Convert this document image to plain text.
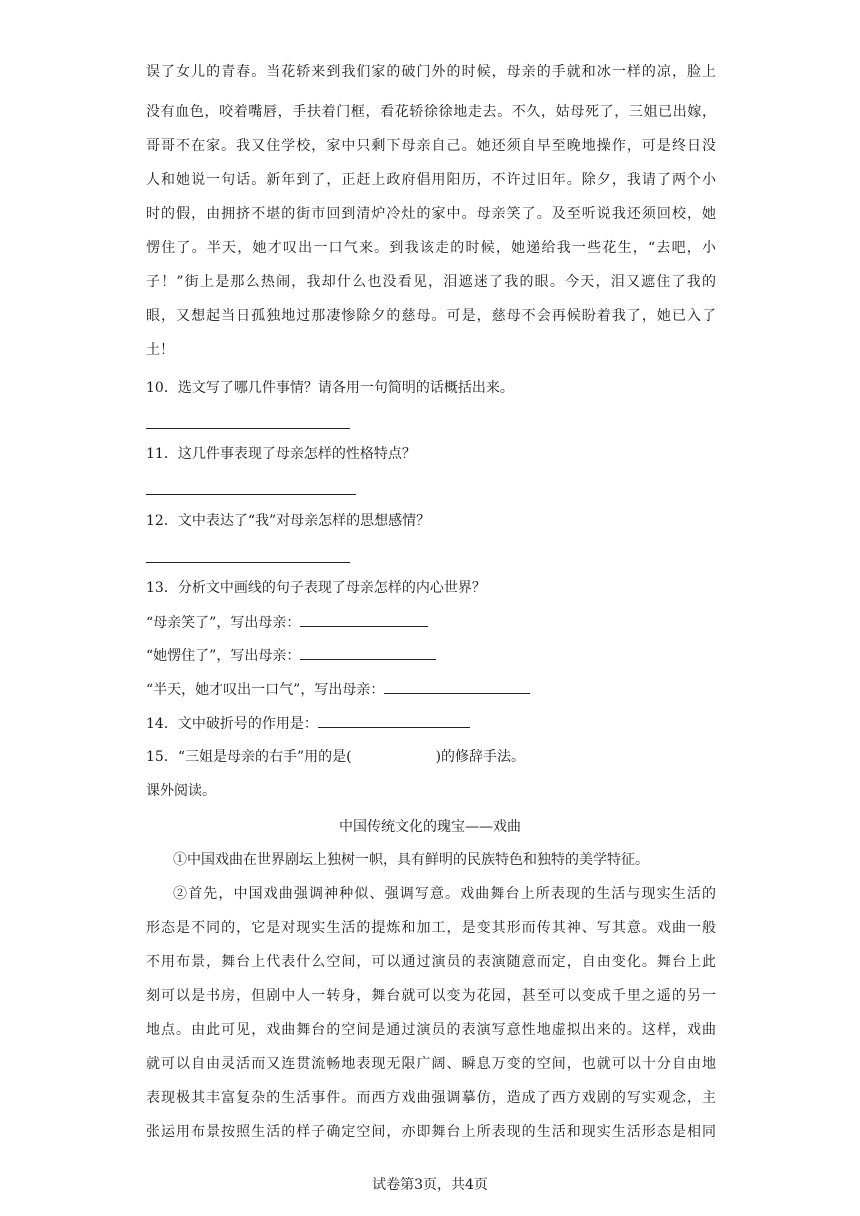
误了女儿的青春。当花轿来到我们家的破门外的时候，母亲的手就和冰一样的凉，脸上
没有血色，咬着嘴唇，手扶着门框，看花轿徐徐地走去。不久，姑母死了，三姐已出嫁，
哥哥不在家。我又住学校，家中只剩下母亲自己。她还须自早至晚地操作，可是终日没
人和她说一句话。新年到了，正赶上政府倡用阳历，不许过旧年。除夕，我请了两个小
时的假，由拥挤不堪的街市回到清炉冷灶的家中。母亲笑了。及至听说我还须回校，她
愣住了。半天，她才叹出一口气来。到我该走的时候，她递给我一些花生，“去吧，小
子！”街上是那么热闹，我却什么也没看见，泪遮迷了我的眼。今天，泪又遮住了我的
眼，又想起当日孤独地过那凄惨除夕的慈母。可是，慈母不会再候盼着我了，她已入了
土！
10．选文写了哪几件事情？请各用一句简明的话概括出来。
11．这几件事表现了母亲怎样的性格特点？
12．文中表达了“我”对母亲怎样的思想感情？
13．分析文中画线的句子表现了母亲怎样的内心世界？
“母亲笑了”，写出母亲：
“她愣住了”，写出母亲：
“半天，她才叹出一口气”，写出母亲：
14．文中破折号的作用是：
15．“三姐是母亲的右手”用的是(	)的修辞手法。
课外阅读。
中国传统文化的瑰宝——戏曲
①中国戏曲在世界剧坛上独树一帜，具有鲜明的民族特色和独特的美学特征。
②首先，中国戏曲强调神种似、强调写意。戏曲舞台上所表现的生活与现实生活的
形态是不同的，它是对现实生活的提炼和加工，是变其形而传其神、写其意。戏曲一般
不用布景，舞台上代表什么空间，可以通过演员的表演随意而定，自由变化。舞台上此
刻可以是书房，但剧中人一转身，舞台就可以变为花园，甚至可以变成千里之遥的另一
地点。由此可见，戏曲舞台的空间是通过演员的表演写意性地虚拟出来的。这样，戏曲
就可以自由灵活而又连贯流畅地表现无限广阔、瞬息万变的空间，也就可以十分自由地
表现极其丰富复杂的生活事件。而西方戏曲强调摹仿，造成了西方戏剧的写实观念，主
张运用布景按照生活的样子确定空间，亦即舞台上所表现的生活和现实生活形态是相同
试卷第3页，共4页
